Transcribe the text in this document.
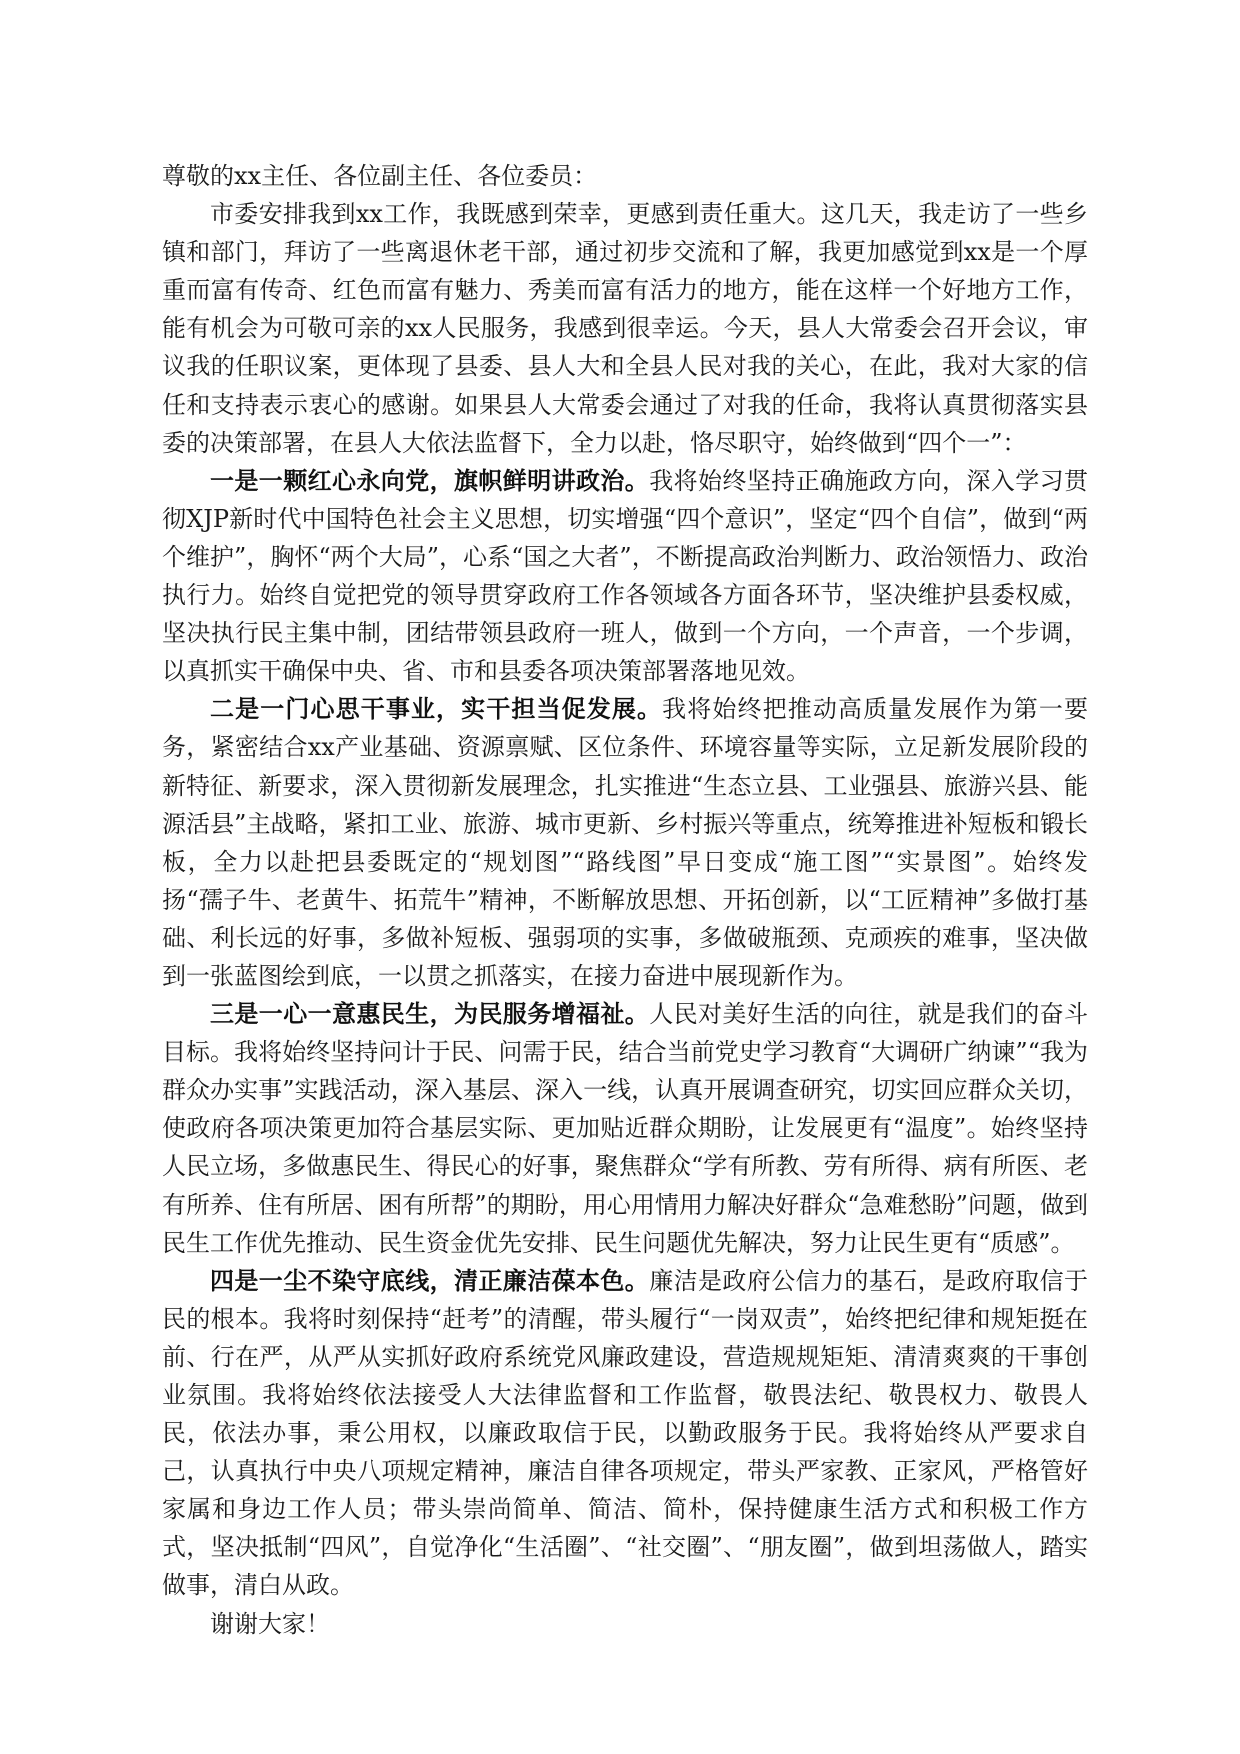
尊敬的xx主任、各位副主任、各位委员：

市委安排我到xx工作，我既感到荣幸，更感到责任重大。这几天，我走访了一些乡镇和部门，拜访了一些离退休老干部，通过初步交流和了解，我更加感觉到xx是一个厚重而富有传奇、红色而富有魅力、秀美而富有活力的地方，能在这样一个好地方工作，能有机会为可敬可亲的xx人民服务，我感到很幸运。今天，县人大常委会召开会议，审议我的任职议案，更体现了县委、县人大和全县人民对我的关心，在此，我对大家的信任和支持表示衷心的感谢。如果县人大常委会通过了对我的任命，我将认真贯彻落实县委的决策部署，在县人大依法监督下，全力以赴，恪尽职守，始终做到“四个一”：

一是一颗红心永向党，旗帜鲜明讲政治。我将始终坚持正确施政方向，深入学习贯彻XJP新时代中国特色社会主义思想，切实增强“四个意识”，坚定“四个自信”，做到“两个维护”，胸怀“两个大局”，心系“国之大者”，不断提高政治判断力、政治领悟力、政治执行力。始终自觉把党的领导贯穿政府工作各领域各方面各环节，坚决维护县委权威，坚决执行民主集中制，团结带领县政府一班人，做到一个方向，一个声音，一个步调，以真抓实干确保中央、省、市和县委各项决策部署落地见效。

二是一门心思干事业，实干担当促发展。我将始终把推动高质量发展作为第一要务，紧密结合xx产业基础、资源禀赋、区位条件、环境容量等实际，立足新发展阶段的新特征、新要求，深入贯彻新发展理念，扎实推进“生态立县、工业强县、旅游兴县、能源活县”主战略，紧扣工业、旅游、城市更新、乡村振兴等重点，统筹推进补短板和锻长板，全力以赴把县委既定的“规划图”“路线图”早日变成“施工图”“实景图”。始终发扬“孺子牛、老黄牛、拓荒牛”精神，不断解放思想、开拓创新，以“工匠精神”多做打基础、利长远的好事，多做补短板、强弱项的实事，多做破瓶颈、克顽疾的难事，坚决做到一张蓝图绘到底，一以贯之抓落实，在接力奋进中展现新作为。

三是一心一意惠民生，为民服务增福祉。人民对美好生活的向往，就是我们的奋斗目标。我将始终坚持问计于民、问需于民，结合当前党史学习教育“大调研广纳谏”“我为群众办实事”实践活动，深入基层、深入一线，认真开展调查研究，切实回应群众关切，使政府各项决策更加符合基层实际、更加贴近群众期盼，让发展更有“温度”。始终坚持人民立场，多做惠民生、得民心的好事，聚焦群众“学有所教、劳有所得、病有所医、老有所养、住有所居、困有所帮”的期盼，用心用情用力解决好群众“急难愁盼”问题，做到民生工作优先推动、民生资金优先安排、民生问题优先解决，努力让民生更有“质感”。

四是一尘不染守底线，清正廉洁葆本色。廉洁是政府公信力的基石，是政府取信于民的根本。我将时刻保持“赶考”的清醒，带头履行“一岗双责”，始终把纪律和规矩挺在前、行在严，从严从实抓好政府系统党风廉政建设，营造规规矩矩、清清爽爽的干事创业氛围。我将始终依法接受人大法律监督和工作监督，敬畏法纪、敬畏权力、敬畏人民，依法办事，秉公用权，以廉政取信于民，以勤政服务于民。我将始终从严要求自己，认真执行中央八项规定精神，廉洁自律各项规定，带头严家教、正家风，严格管好家属和身边工作人员；带头崇尚简单、简洁、简朴，保持健康生活方式和积极工作方式，坚决抵制“四风”，自觉净化“生活圈”、“社交圈”、“朋友圈”，做到坦荡做人，踏实做事，清白从政。

谢谢大家！
